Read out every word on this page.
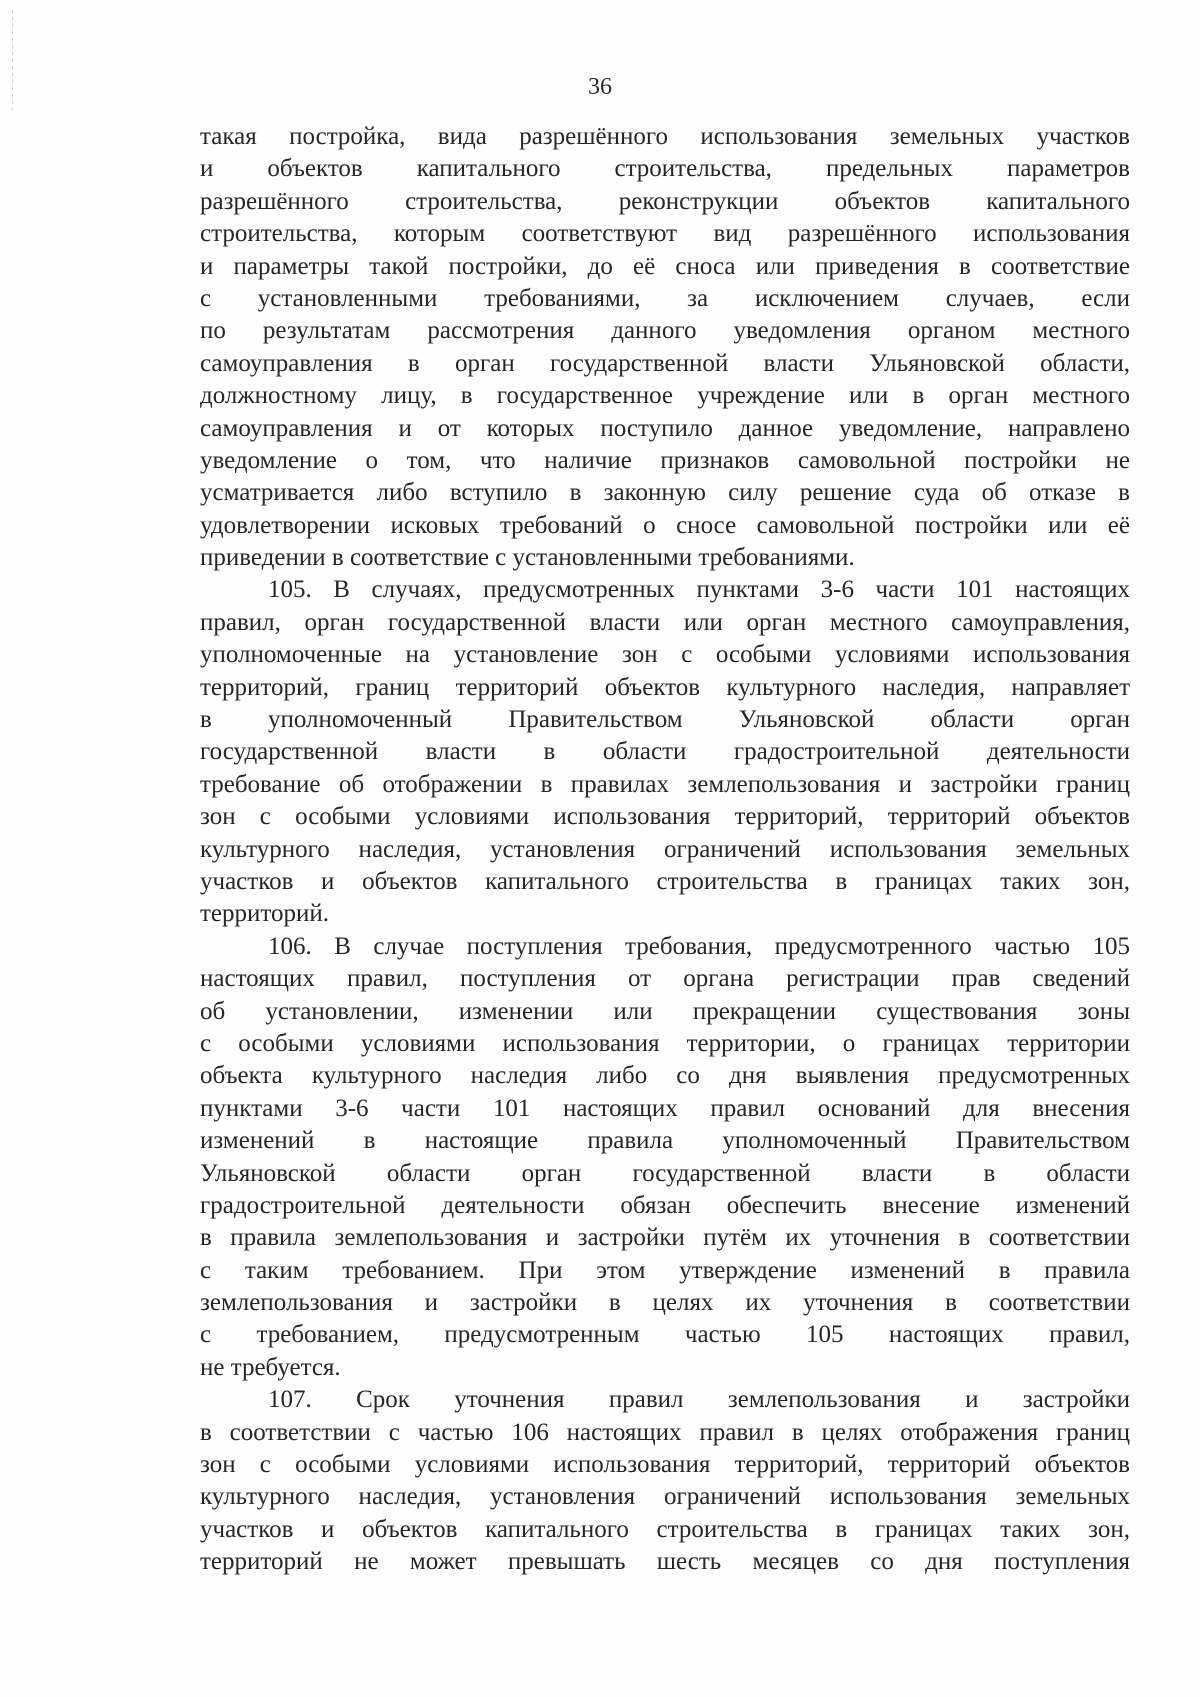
36
такая постройка, вида разрешённого использования земельных участков
и объектов капитального строительства, предельных параметров
разрешённого строительства, реконструкции объектов капитального
строительства, которым соответствуют вид разрешённого использования
и параметры такой постройки, до её сноса или приведения в соответствие
с установленными требованиями, за исключением случаев, если
по результатам рассмотрения данного уведомления органом местного
самоуправления в орган государственной власти Ульяновской области,
должностному лицу, в государственное учреждение или в орган местного
самоуправления и от которых поступило данное уведомление, направлено
уведомление о том, что наличие признаков самовольной постройки не
усматривается либо вступило в законную силу решение суда об отказе в
удовлетворении исковых требований о сносе самовольной постройки или её
приведении в соответствие с установленными требованиями.
105. В случаях, предусмотренных пунктами 3-6 части 101 настоящих
правил, орган государственной власти или орган местного самоуправления,
уполномоченные на установление зон с особыми условиями использования
территорий, границ территорий объектов культурного наследия, направляет
в уполномоченный Правительством Ульяновской области орган
государственной власти в области градостроительной деятельности
требование об отображении в правилах землепользования и застройки границ
зон с особыми условиями использования территорий, территорий объектов
культурного наследия, установления ограничений использования земельных
участков и объектов капитального строительства в границах таких зон,
территорий.
106. В случае поступления требования, предусмотренного частью 105
настоящих правил, поступления от органа регистрации прав сведений
об установлении, изменении или прекращении существования зоны
с особыми условиями использования территории, о границах территории
объекта культурного наследия либо со дня выявления предусмотренных
пунктами 3-6 части 101 настоящих правил оснований для внесения
изменений в настоящие правила уполномоченный Правительством
Ульяновской области орган государственной власти в области
градостроительной деятельности обязан обеспечить внесение изменений
в правила землепользования и застройки путём их уточнения в соответствии
с таким требованием. При этом утверждение изменений в правила
землепользования и застройки в целях их уточнения в соответствии
с требованием, предусмотренным частью 105 настоящих правил,
не требуется.
107. Срок уточнения правил землепользования и застройки
в соответствии с частью 106 настоящих правил в целях отображения границ
зон с особыми условиями использования территорий, территорий объектов
культурного наследия, установления ограничений использования земельных
участков и объектов капитального строительства в границах таких зон,
территорий не может превышать шесть месяцев со дня поступления
